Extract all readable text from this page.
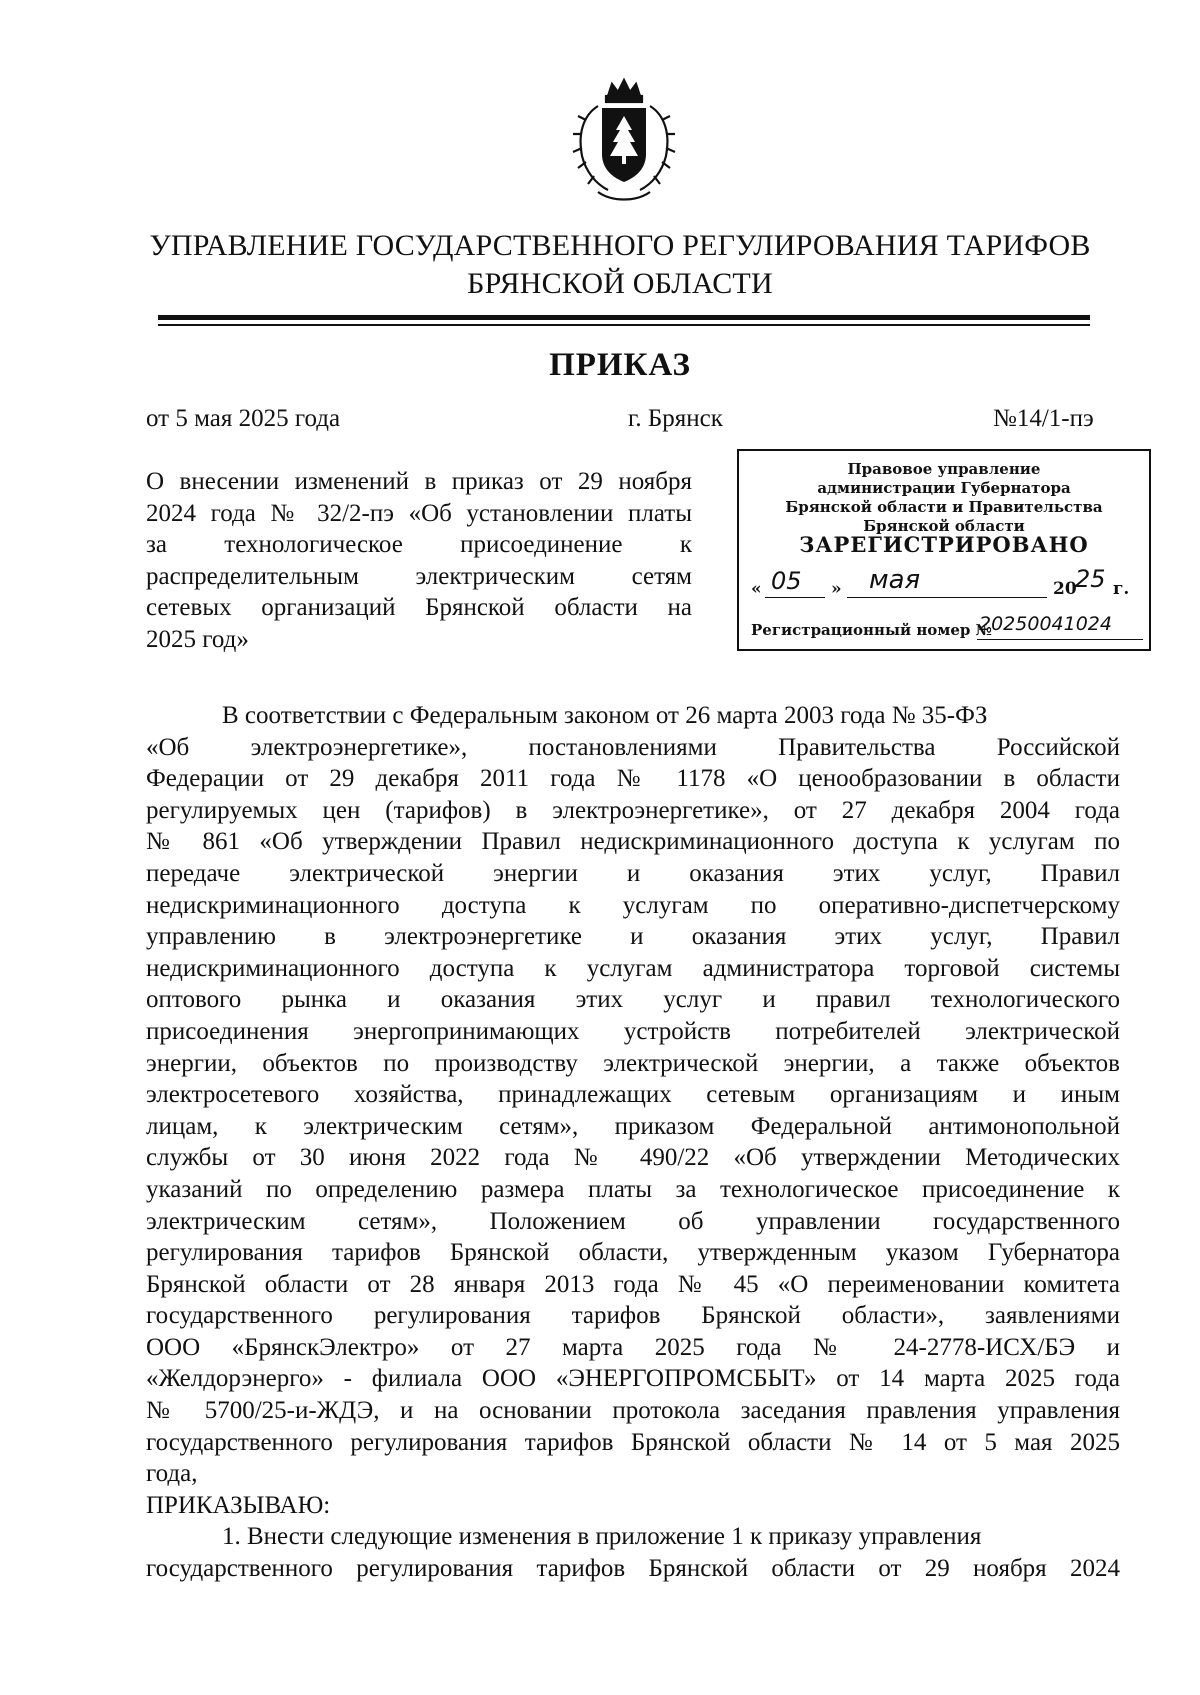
УПРАВЛЕНИЕ ГОСУДАРСТВЕННОГО РЕГУЛИРОВАНИЯ ТАРИФОВ
БРЯНСКОЙ ОБЛАСТИ
ПРИКАЗ
от 5 мая 2025 года	г. Брянск	№14/1-пэ
О внесении изменений в приказ от 29 ноября
2024 года № 32/2-пэ «Об установлении платы
за технологическое присоединение к
распределительным электрическим сетям
сетевых организаций Брянской области на
2025 год»
Правовое управление
администрации Губернатора
Брянской области и Правительства
Брянской области
ЗАРЕГИСТРИРОВАНО
« 05 » мая	20
25 г.
Регистрационный номер №
20250041024
В соответствии с Федеральным законом от 26 марта 2003 года № 35-ФЗ
«Об электроэнергетике», постановлениями Правительства Российской
Федерации от 29 декабря 2011 года № 1178 «О ценообразовании в области
регулируемых цен (тарифов) в электроэнергетике», от 27 декабря 2004 года
№ 861 «Об утверждении Правил недискриминационного доступа к услугам по
передаче электрической энергии и оказания этих услуг, Правил
недискриминационного доступа к услугам по оперативно-диспетчерскому
управлению в электроэнергетике и оказания этих услуг, Правил
недискриминационного доступа к услугам администратора торговой системы
оптового рынка и оказания этих услуг и правил технологического
присоединения энергопринимающих устройств потребителей электрической
энергии, объектов по производству электрической энергии, а также объектов
электросетевого хозяйства, принадлежащих сетевым организациям и иным
лицам, к электрическим сетям», приказом Федеральной антимонопольной
службы от 30 июня 2022 года № 490/22 «Об утверждении Методических
указаний по определению размера платы за технологическое присоединение к
электрическим сетям», Положением об управлении государственного
регулирования тарифов Брянской области, утвержденным указом Губернатора
Брянской области от 28 января 2013 года № 45 «О переименовании комитета
государственного регулирования тарифов Брянской области», заявлениями
ООО «БрянскЭлектро» от 27 марта 2025 года № 24-2778-ИСХ/БЭ и
«Желдорэнерго» - филиала ООО «ЭНЕРГОПРОМСБЫТ» от 14 марта 2025 года
№ 5700/25-и-ЖДЭ, и на основании протокола заседания правления управления
государственного регулирования тарифов Брянской области № 14 от 5 мая 2025
года,
ПРИКАЗЫВАЮ:
1. Внести следующие изменения в приложение 1 к приказу управления
государственного регулирования тарифов Брянской области от 29 ноября 2024
